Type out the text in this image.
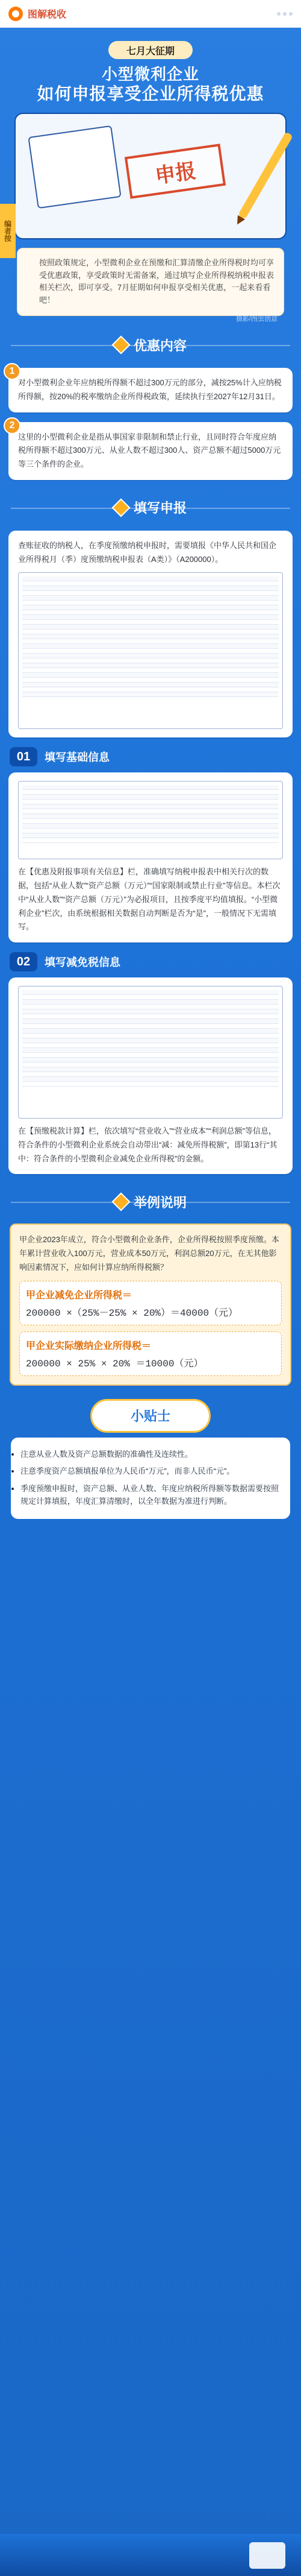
图解税收
七月大征期
小型微利企业
如何申报享受企业所得税优惠
申报
编者按
按照政策规定，小型微利企业在预缴和汇算清缴企业所得税时均可享受优惠政策，享受政策时无需备案，通过填写企业所得税纳税申报表相关栏次，即可享受。7月征期如何申报享受相关优惠，一起来看看吧！
摄影/图虫创意
优惠内容
1
对小型微利企业年应纳税所得额不超过300万元的部分，减按25%计入应纳税所得额，按20%的税率缴纳企业所得税政策，延续执行至2027年12月31日。
2
这里的小型微利企业是指从事国家非限制和禁止行业，且同时符合年度应纳税所得额不超过300万元、从业人数不超过300人、资产总额不超过5000万元等三个条件的企业。
填写申报
查账征收的纳税人，在季度预缴纳税申报时，需要填报《中华人民共和国企业所得税月（季）度预缴纳税申报表（A类）》（A200000）。
01	填写基础信息
在【优惠及附报事项有关信息】栏，准确填写纳税申报表中相关行次的数据，包括“从业人数”“资产总额（万元）”“国家限制或禁止行业”等信息。本栏次中“从业人数”“资产总额（万元）”为必报项目，且按季度平均值填报。“小型微利企业”栏次，由系统根据相关数据自动判断是否为“是”，一般情况下无需填写。
02	填写减免税信息
在【预缴税款计算】栏，依次填写“营业收入”“营业成本”“利润总额”等信息，符合条件的小型微利企业系统会自动带出“减：减免所得税额”，即第13行“其中：符合条件的小型微利企业减免企业所得税”的金额。
举例说明
甲企业2023年成立，符合小型微利企业条件，企业所得税按照季度预缴。本年累计营业收入100万元，营业成本50万元，利润总额20万元，在无其他影响因素情况下，应如何计算应纳所得税额？
甲企业减免企业所得税＝
200000 ×（25%－25% × 20%）＝40000（元）
甲企业实际缴纳企业所得税＝
200000 × 25% × 20% ＝10000（元）
小贴士
• 注意从业人数及资产总额数据的准确性及连续性。
• 注意季度资产总额填报单位为人民币“万元”，而非人民币“元”。
• 季度预缴申报时，资产总额、从业人数、年度应纳税所得额等数据需要按照规定计算填报，年度汇算清缴时，以全年数据为准进行判断。
